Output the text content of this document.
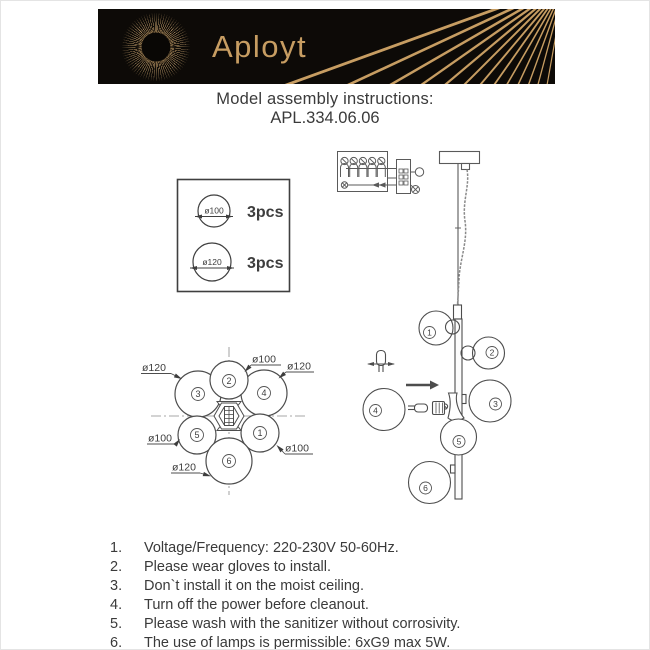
Aployt
Model assembly instructions:
APL.334.06.06
ø100 3pcs
ø120 3pcs
1
2
3
4
5
6
2
3	4
5	1
6
ø120
ø100
ø120
ø100
ø100
ø120
1.	Voltage/Frequency: 220-230V 50-60Hz.
2.	Please wear gloves to install.
3.	Don`t install it on the moist ceiling.
4.	Turn off the power before cleanout.
5.	Please wash with the sanitizer without corrosivity.
6.	The use of lamps is permissible: 6xG9 max 5W.
